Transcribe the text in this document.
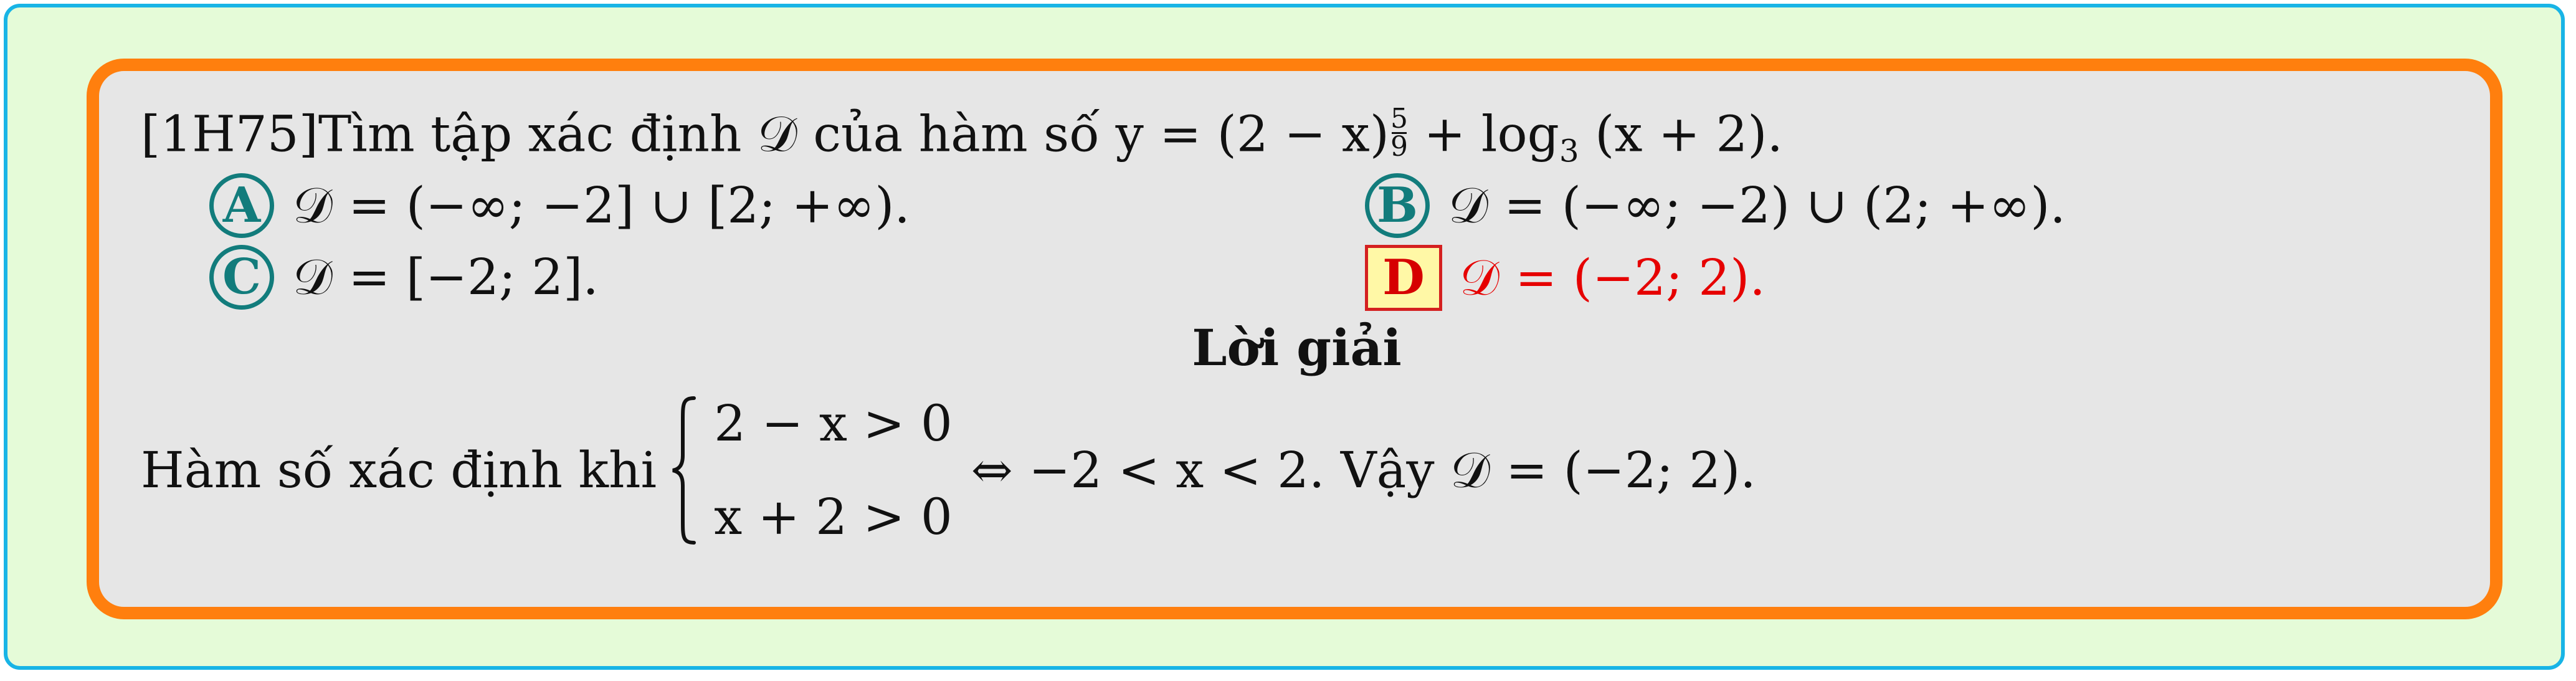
[1H75]Tìm tập xác định 𝒟 của hàm số $y = (2 - x) \frac{5}{9} + \log_3 (x + 2)$.
A 𝒟 = (−∞; −2] ∪ [2; +∞).	B 𝒟 = (−∞; −2) ∪ (2; +∞).
C 𝒟 = [−2; 2].	D 𝒟 = (−2; 2).
Lời giải
Hàm số xác định khi
2 − x > 0
x + 2 > 0
⇔ −2 < x < 2. Vậy 𝒟 = (−2; 2).
